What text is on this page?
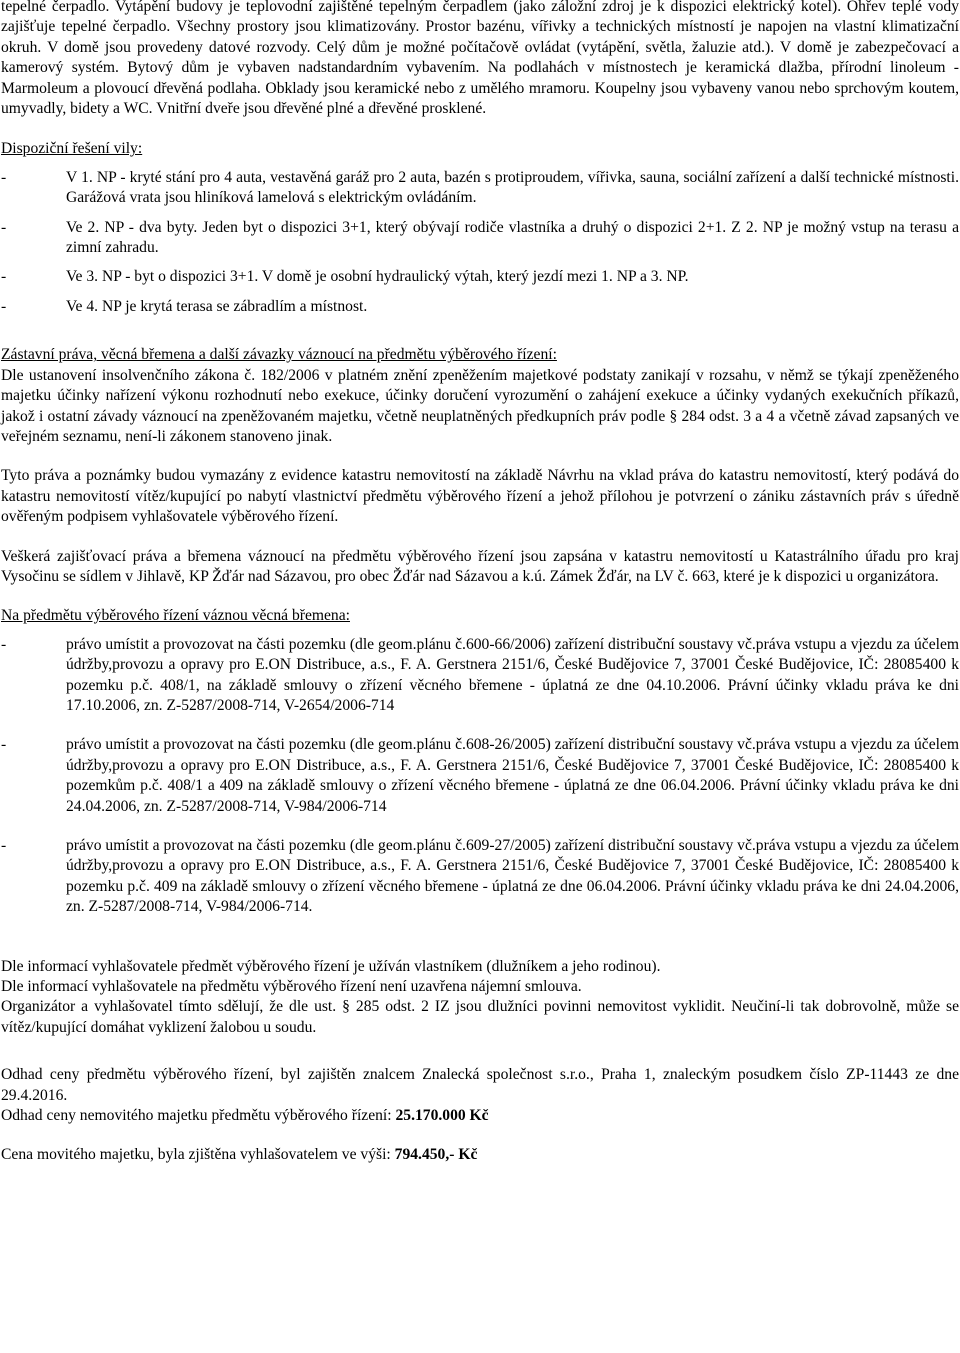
tepelné čerpadlo. Vytápění budovy je teplovodní zajištěné tepelným čerpadlem (jako záložní zdroj je k dispozici elektrický kotel). Ohřev teplé vody zajišťuje tepelné čerpadlo. Všechny prostory jsou klimatizovány. Prostor bazénu, vířivky a technických místností je napojen na vlastní klimatizační okruh. V domě jsou provedeny datové rozvody. Celý dům je možné počítačově ovládat (vytápění, světla, žaluzie atd.). V domě je zabezpečovací a kamerový systém. Bytový dům je vybaven nadstandardním vybavením. Na podlahách v místnostech je keramická dlažba, přírodní linoleum - Marmoleum a plovoucí dřevěná podlaha. Obklady jsou keramické nebo z umělého mramoru. Koupelny jsou vybaveny vanou nebo sprchovým koutem, umyvadly, bidety a WC. Vnitřní dveře jsou dřevěné plné a dřevěné prosklené.

Dispoziční řešení vily:

-	V 1. NP - kryté stání pro 4 auta, vestavěná garáž pro 2 auta, bazén s protiproudem, vířivka, sauna, sociální zařízení a další technické místnosti. Garážová vrata jsou hliníková lamelová s elektrickým ovládáním.
-	Ve 2. NP - dva byty. Jeden byt o dispozici 3+1, který obývají rodiče vlastníka a druhý o dispozici 2+1. Z 2. NP je možný vstup na terasu a zimní zahradu.
-	Ve 3. NP - byt o dispozici 3+1. V domě je osobní hydraulický výtah, který jezdí mezi 1. NP a 3. NP.
-	Ve 4. NP je krytá terasa se zábradlím a místnost.

Zástavní práva, věcná břemena a další závazky váznoucí na předmětu výběrového řízení:

Dle ustanovení insolvenčního zákona č. 182/2006 v platném znění zpeněžením majetkové podstaty zanikají v rozsahu, v němž se týkají zpeněženého majetku účinky nařízení výkonu rozhodnutí nebo exekuce, účinky doručení vyrozumění o zahájení exekuce a účinky vydaných exekučních příkazů, jakož i ostatní závady váznoucí na zpeněžovaném majetku, včetně neuplatněných předkupních práv podle § 284 odst. 3 a 4 a včetně závad zapsaných ve veřejném seznamu, není-li zákonem stanoveno jinak.

Tyto práva a poznámky budou vymazány z evidence katastru nemovitostí na základě Návrhu na vklad práva do katastru nemovitostí, který podává do katastru nemovitostí vítěz/kupující po nabytí vlastnictví předmětu výběrového řízení a jehož přílohou je potvrzení o zániku zástavních práv s úředně ověřeným podpisem vyhlašovatele výběrového řízení.

Veškerá zajišťovací práva a břemena váznoucí na předmětu výběrového řízení jsou zapsána v katastru nemovitostí u Katastrálního úřadu pro kraj Vysočinu se sídlem v Jihlavě, KP Žďár nad Sázavou, pro obec Žďár nad Sázavou a k.ú. Zámek Žďár, na LV č. 663, které je k dispozici u organizátora.

Na předmětu výběrového řízení váznou věcná břemena:

-	právo umístit a provozovat na části pozemku (dle geom.plánu č.600-66/2006) zařízení distribuční soustavy vč.práva vstupu a vjezdu za účelem údržby,provozu a opravy pro E.ON Distribuce, a.s., F. A. Gerstnera 2151/6, České Budějovice 7, 37001 České Budějovice, IČ: 28085400 k pozemku p.č. 408/1, na základě smlouvy o zřízení věcného břemene - úplatná ze dne 04.10.2006. Právní účinky vkladu práva ke dni 17.10.2006, zn. Z-5287/2008-714, V-2654/2006-714
-	právo umístit a provozovat na části pozemku (dle geom.plánu č.608-26/2005) zařízení distribuční soustavy vč.práva vstupu a vjezdu za účelem údržby,provozu a opravy pro E.ON Distribuce, a.s., F. A. Gerstnera 2151/6, České Budějovice 7, 37001 České Budějovice, IČ: 28085400 k pozemkům p.č. 408/1 a 409 na základě smlouvy o zřízení věcného břemene - úplatná ze dne 06.04.2006. Právní účinky vkladu práva ke dni 24.04.2006, zn. Z-5287/2008-714, V-984/2006-714
-	právo umístit a provozovat na části pozemku (dle geom.plánu č.609-27/2005) zařízení distribuční soustavy vč.práva vstupu a vjezdu za účelem údržby,provozu a opravy pro E.ON Distribuce, a.s., F. A. Gerstnera 2151/6, České Budějovice 7, 37001 České Budějovice, IČ: 28085400 k pozemku p.č. 409 na základě smlouvy o zřízení věcného břemene - úplatná ze dne 06.04.2006. Právní účinky vkladu práva ke dni 24.04.2006, zn. Z-5287/2008-714, V-984/2006-714.

Dle informací vyhlašovatele předmět výběrového řízení je užíván vlastníkem (dlužníkem a jeho rodinou).

Dle informací vyhlašovatele na předmětu výběrového řízení není uzavřena nájemní smlouva.

Organizátor a vyhlašovatel tímto sdělují, že dle ust. § 285 odst. 2 IZ jsou dlužníci povinni nemovitost vyklidit. Neučiní-li tak dobrovolně, může se vítěz/kupující domáhat vyklizení žalobou u soudu.

Odhad ceny předmětu výběrového řízení, byl zajištěn znalcem Znalecká společnost s.r.o., Praha 1, znaleckým posudkem číslo ZP-11443 ze dne 29.4.2016.

Odhad ceny nemovitého majetku předmětu výběrového řízení: 25.170.000 Kč

Cena movitého majetku, byla zjištěna vyhlašovatelem ve výši: 794.450,- Kč
